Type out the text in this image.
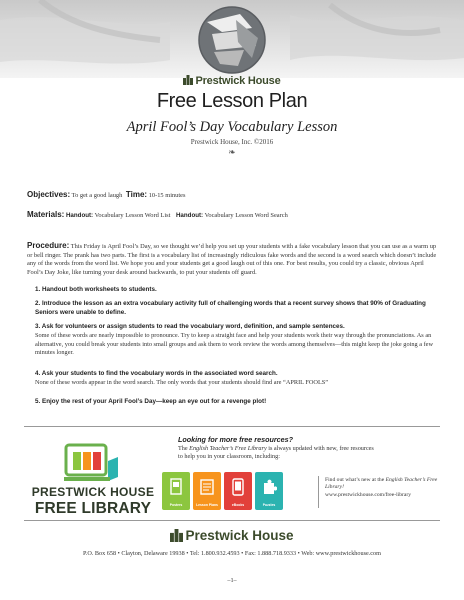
Prestwick House
Free Lesson Plan
April Fool’s Day Vocabulary Lesson
Prestwick House, Inc. ©2016
❧
Objectives: To get a good laugh Time: 10-15 minutes
Materials: Handout: Vocabulary Lesson Word List Handout: Vocabulary Lesson Word Search
Procedure: This Friday is April Fool’s Day, so we thought we’d help you set up your students with a fake vocabulary lesson that you can use as a warm up or bell ringer. The prank has two parts. The first is a vocabulary list of increasingly ridiculous fake words and the second is a word search which doesn’t include any of the words from the word list. We hope you and your students get a good laugh out of this one. For best results, you could try a classic, obvious April Fool’s Day Joke, like turning your desk around backwards, to put your students off guard.
1. Handout both worksheets to students.
2. Introduce the lesson as an extra vocabulary activity full of challenging words that a recent survey shows that 90% of Graduating Seniors were unable to define.
3. Ask for volunteers or assign students to read the vocabulary word, definition, and sample sentences.
Some of these words are nearly impossible to pronounce. Try to keep a straight face and help your students work their way through the pronunciations. As an alternative, you could break your students into small groups and ask them to work review the words among themselves—this might keep the joke going a few minutes longer.
4. Ask your students to find the vocabulary words in the associated word search.
None of these words appear in the word search. The only words that your students should find are “APRIL FOOLS”
5. Enjoy the rest of your April Fool’s Day—keep an eye out for a revenge plot!
PRESTWICK HOUSE
FREE LIBRARY
Looking for more free resources?
The English Teacher’s Free Library is always updated with new, free resources to help you in your classroom, including:
Posters	Lesson Plans	eBooks	Puzzles
Find out what’s new at the English Teacher’s Free Library!
www.prestwickhouse.com/free-library
Prestwick House
P.O. Box 658 • Clayton, Delaware 19938 • Tel: 1.800.932.4593 • Fax: 1.888.718.9333 • Web: www.prestwickhouse.com
–1–
